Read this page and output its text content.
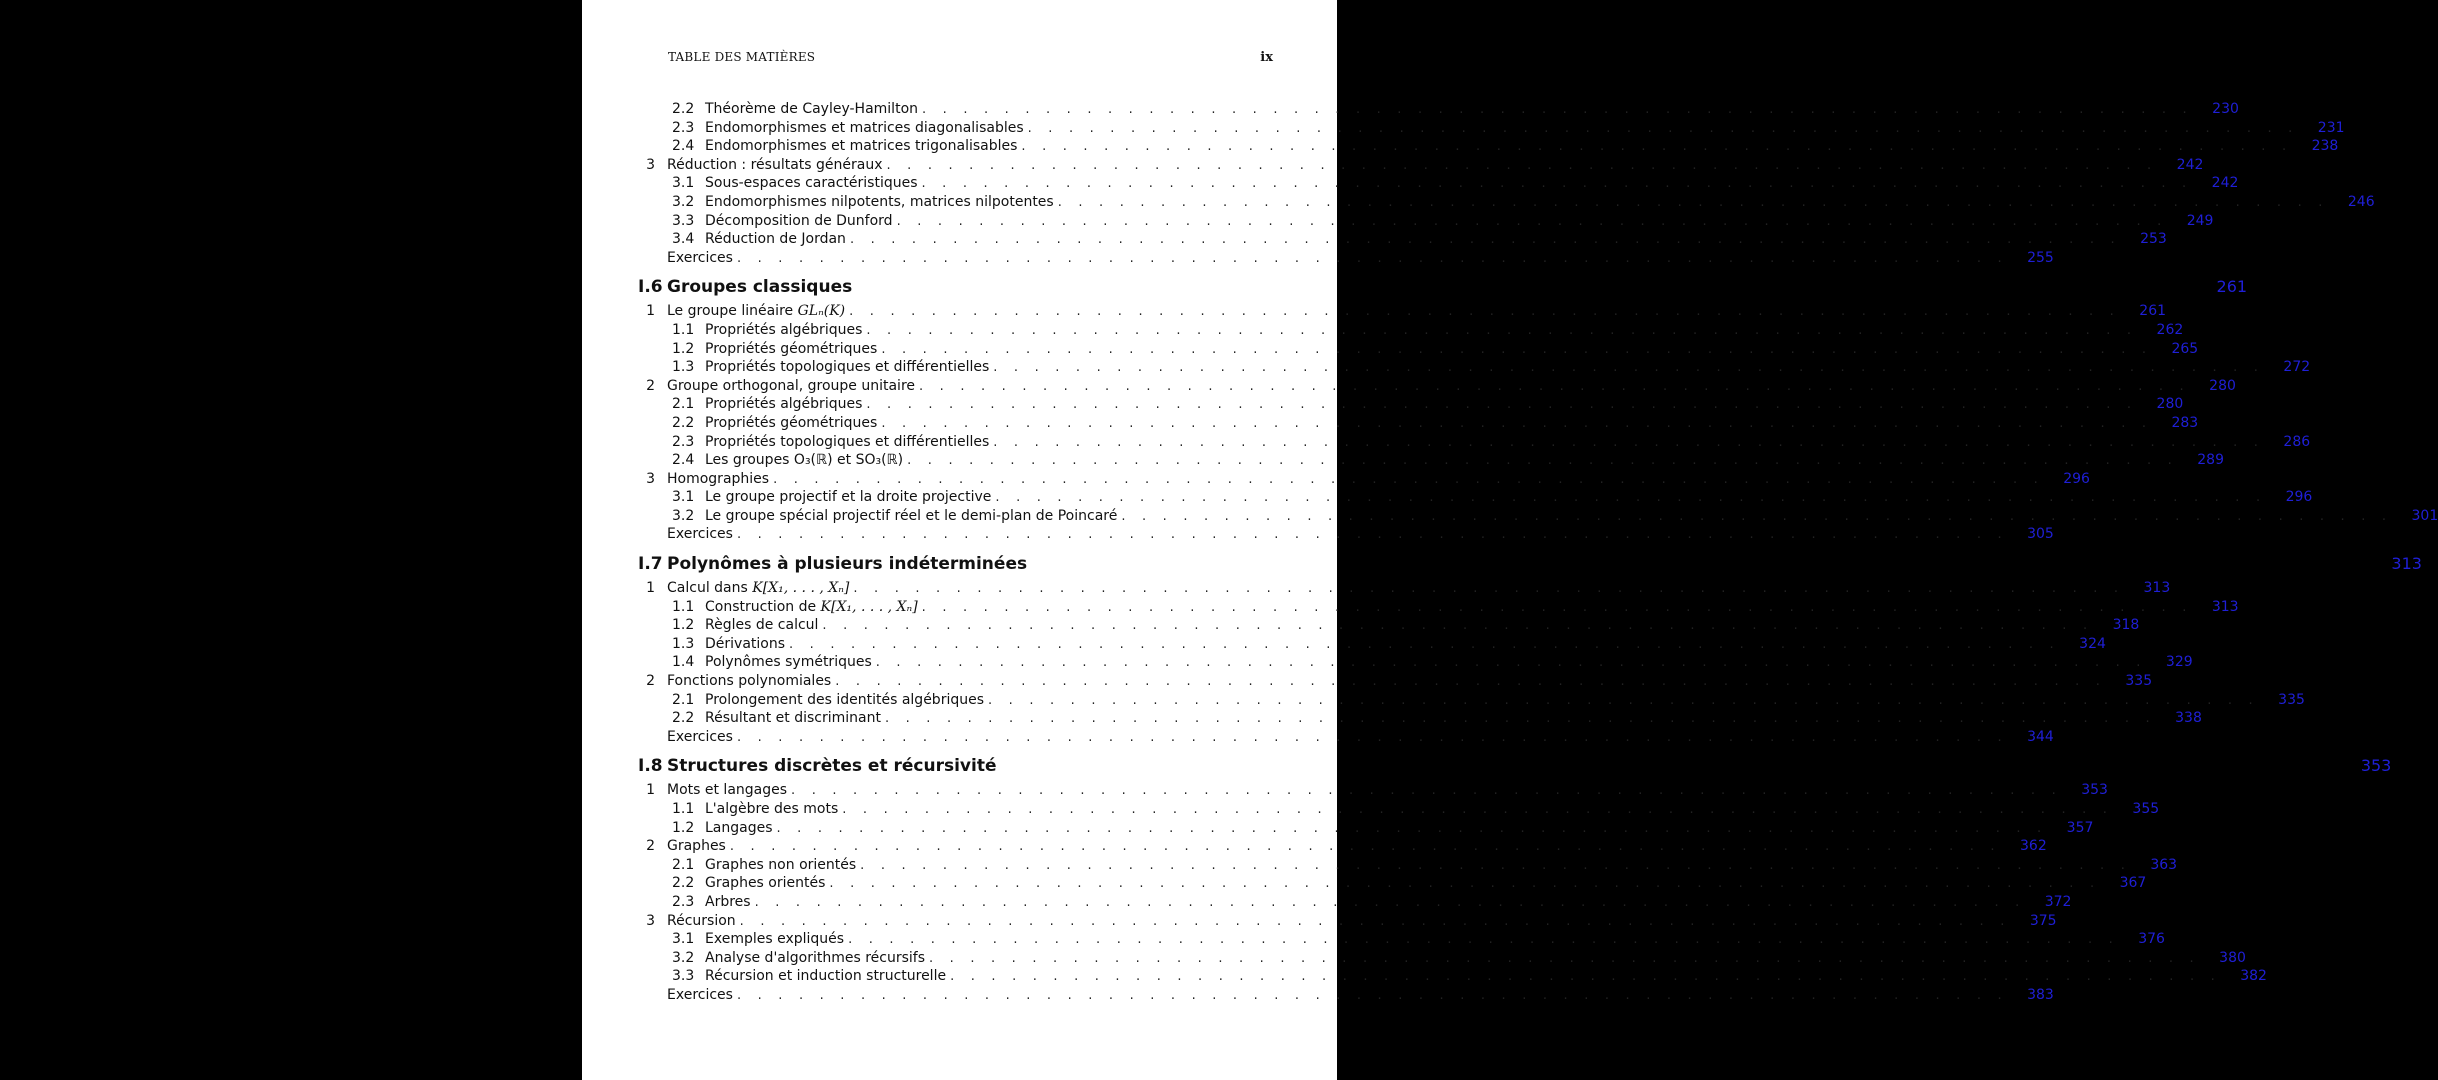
TABLE DES MATIÈRES	ix
2.2 Théorème de Cayley-Hamilton . . . . . . . . . . . . . . . . . . . . . . . . . . . . . . . . . . . . . . . . . . . . . . . . . . . . . . . . . . . . . .	230
2.3 Endomorphismes et matrices diagonalisables . . . . . . . . . . . . . . . . . . . . . . . . . . . . . . . . . . . . . . . . . . . . . . . . . . . . . . . . . . . . . .	231
2.4 Endomorphismes et matrices trigonalisables . . . . . . . . . . . . . . . . . . . . . . . . . . . . . . . . . . . . . . . . . . . . . . . . . . . . . . . . . . . . . .	238
3 Réduction : résultats généraux . . . . . . . . . . . . . . . . . . . . . . . . . . . . . . . . . . . . . . . . . . . . . . . . . . . . . . . . . . . . . .	242
3.1 Sous-espaces caractéristiques . . . . . . . . . . . . . . . . . . . . . . . . . . . . . . . . . . . . . . . . . . . . . . . . . . . . . . . . . . . . . .	242
3.2 Endomorphismes nilpotents, matrices nilpotentes . . . . . . . . . . . . . . . . . . . . . . . . . . . . . . . . . . . . . . . . . . . . . . . . . . . . . . . . . . . . . .	246
3.3 Décomposition de Dunford . . . . . . . . . . . . . . . . . . . . . . . . . . . . . . . . . . . . . . . . . . . . . . . . . . . . . . . . . . . . . .	249
3.4 Réduction de Jordan . . . . . . . . . . . . . . . . . . . . . . . . . . . . . . . . . . . . . . . . . . . . . . . . . . . . . . . . . . . . . .	253
Exercices . . . . . . . . . . . . . . . . . . . . . . . . . . . . . . . . . . . . . . . . . . . . . . . . . . . . . . . . . . . . . .	255
I.6 Groupes classiques	261
1 Le groupe linéaire GLₙ(K) . . . . . . . . . . . . . . . . . . . . . . . . . . . . . . . . . . . . . . . . . . . . . . . . . . . . . . . . . . . . . .	261
1.1 Propriétés algébriques . . . . . . . . . . . . . . . . . . . . . . . . . . . . . . . . . . . . . . . . . . . . . . . . . . . . . . . . . . . . . .	262
1.2 Propriétés géométriques . . . . . . . . . . . . . . . . . . . . . . . . . . . . . . . . . . . . . . . . . . . . . . . . . . . . . . . . . . . . . .	265
1.3 Propriétés topologiques et différentielles . . . . . . . . . . . . . . . . . . . . . . . . . . . . . . . . . . . . . . . . . . . . . . . . . . . . . . . . . . . . . .	272
2 Groupe orthogonal, groupe unitaire . . . . . . . . . . . . . . . . . . . . . . . . . . . . . . . . . . . . . . . . . . . . . . . . . . . . . . . . . . . . . .	280
2.1 Propriétés algébriques . . . . . . . . . . . . . . . . . . . . . . . . . . . . . . . . . . . . . . . . . . . . . . . . . . . . . . . . . . . . . .	280
2.2 Propriétés géométriques . . . . . . . . . . . . . . . . . . . . . . . . . . . . . . . . . . . . . . . . . . . . . . . . . . . . . . . . . . . . . .	283
2.3 Propriétés topologiques et différentielles . . . . . . . . . . . . . . . . . . . . . . . . . . . . . . . . . . . . . . . . . . . . . . . . . . . . . . . . . . . . . .	286
2.4 Les groupes O₃(ℝ) et SO₃(ℝ) . . . . . . . . . . . . . . . . . . . . . . . . . . . . . . . . . . . . . . . . . . . . . . . . . . . . . . . . . . . . . .	289
3 Homographies . . . . . . . . . . . . . . . . . . . . . . . . . . . . . . . . . . . . . . . . . . . . . . . . . . . . . . . . . . . . . .	296
3.1 Le groupe projectif et la droite projective . . . . . . . . . . . . . . . . . . . . . . . . . . . . . . . . . . . . . . . . . . . . . . . . . . . . . . . . . . . . . .	296
3.2 Le groupe spécial projectif réel et le demi-plan de Poincaré . . . . . . . . . . . . . . . . . . . . . . . . . . . . . . . . . . . . . . . . . . . . . . . . . . . . . . . . . . . . . .	301
Exercices . . . . . . . . . . . . . . . . . . . . . . . . . . . . . . . . . . . . . . . . . . . . . . . . . . . . . . . . . . . . . .	305
I.7 Polynômes à plusieurs indéterminées	313
1 Calcul dans K[X₁, . . . , Xₙ] . . . . . . . . . . . . . . . . . . . . . . . . . . . . . . . . . . . . . . . . . . . . . . . . . . . . . . . . . . . . . .	313
1.1 Construction de K[X₁, . . . , Xₙ] . . . . . . . . . . . . . . . . . . . . . . . . . . . . . . . . . . . . . . . . . . . . . . . . . . . . . . . . . . . . . .	313
1.2 Règles de calcul . . . . . . . . . . . . . . . . . . . . . . . . . . . . . . . . . . . . . . . . . . . . . . . . . . . . . . . . . . . . . .	318
1.3 Dérivations . . . . . . . . . . . . . . . . . . . . . . . . . . . . . . . . . . . . . . . . . . . . . . . . . . . . . . . . . . . . . .	324
1.4 Polynômes symétriques . . . . . . . . . . . . . . . . . . . . . . . . . . . . . . . . . . . . . . . . . . . . . . . . . . . . . . . . . . . . . .	329
2 Fonctions polynomiales . . . . . . . . . . . . . . . . . . . . . . . . . . . . . . . . . . . . . . . . . . . . . . . . . . . . . . . . . . . . . .	335
2.1 Prolongement des identités algébriques . . . . . . . . . . . . . . . . . . . . . . . . . . . . . . . . . . . . . . . . . . . . . . . . . . . . . . . . . . . . . .	335
2.2 Résultant et discriminant . . . . . . . . . . . . . . . . . . . . . . . . . . . . . . . . . . . . . . . . . . . . . . . . . . . . . . . . . . . . . .	338
Exercices . . . . . . . . . . . . . . . . . . . . . . . . . . . . . . . . . . . . . . . . . . . . . . . . . . . . . . . . . . . . . .	344
I.8 Structures discrètes et récursivité	353
1 Mots et langages . . . . . . . . . . . . . . . . . . . . . . . . . . . . . . . . . . . . . . . . . . . . . . . . . . . . . . . . . . . . . .	353
1.1 L'algèbre des mots . . . . . . . . . . . . . . . . . . . . . . . . . . . . . . . . . . . . . . . . . . . . . . . . . . . . . . . . . . . . . .	355
1.2 Langages . . . . . . . . . . . . . . . . . . . . . . . . . . . . . . . . . . . . . . . . . . . . . . . . . . . . . . . . . . . . . .	357
2 Graphes . . . . . . . . . . . . . . . . . . . . . . . . . . . . . . . . . . . . . . . . . . . . . . . . . . . . . . . . . . . . . .	362
2.1 Graphes non orientés . . . . . . . . . . . . . . . . . . . . . . . . . . . . . . . . . . . . . . . . . . . . . . . . . . . . . . . . . . . . . .	363
2.2 Graphes orientés . . . . . . . . . . . . . . . . . . . . . . . . . . . . . . . . . . . . . . . . . . . . . . . . . . . . . . . . . . . . . .	367
2.3 Arbres . . . . . . . . . . . . . . . . . . . . . . . . . . . . . . . . . . . . . . . . . . . . . . . . . . . . . . . . . . . . . .	372
3 Récursion . . . . . . . . . . . . . . . . . . . . . . . . . . . . . . . . . . . . . . . . . . . . . . . . . . . . . . . . . . . . . .	375
3.1 Exemples expliqués . . . . . . . . . . . . . . . . . . . . . . . . . . . . . . . . . . . . . . . . . . . . . . . . . . . . . . . . . . . . . .	376
3.2 Analyse d'algorithmes récursifs . . . . . . . . . . . . . . . . . . . . . . . . . . . . . . . . . . . . . . . . . . . . . . . . . . . . . . . . . . . . . .	380
3.3 Récursion et induction structurelle . . . . . . . . . . . . . . . . . . . . . . . . . . . . . . . . . . . . . . . . . . . . . . . . . . . . . . . . . . . . . .	382
Exercices . . . . . . . . . . . . . . . . . . . . . . . . . . . . . . . . . . . . . . . . . . . . . . . . . . . . . . . . . . . . . .	383
